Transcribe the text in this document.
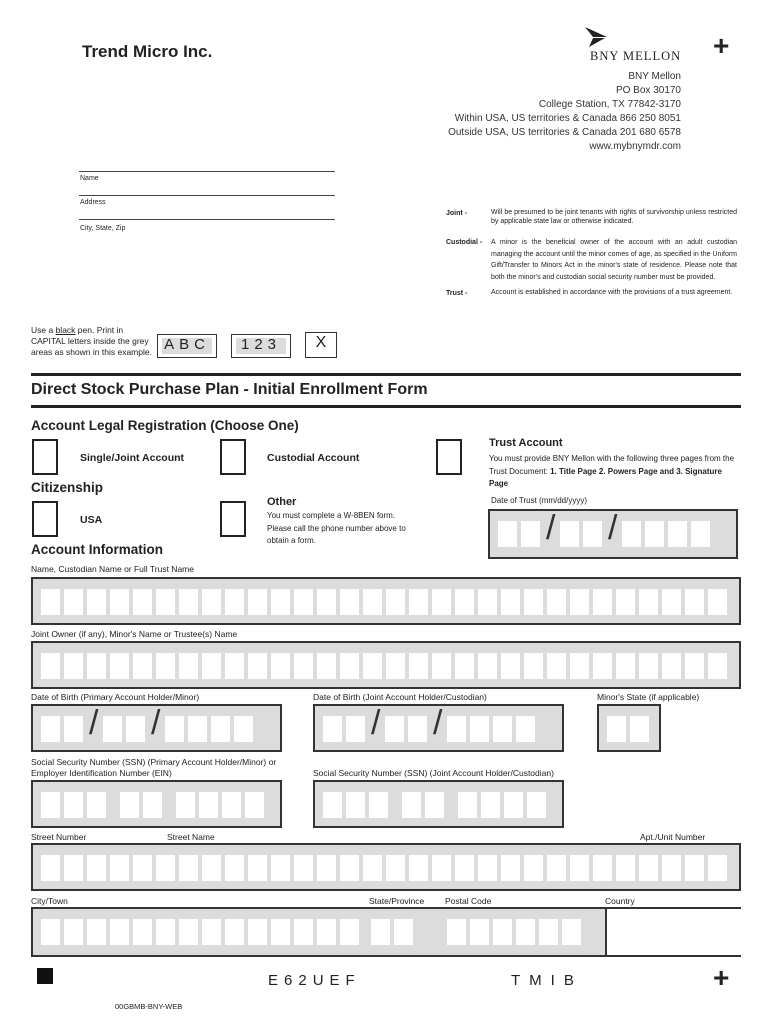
Trend Micro Inc.	BNY MELLON +
BNY Mellon
PO Box 30170
College Station, TX 77842-3170
Within USA, US territories & Canada 866 250 8051
Outside USA, US territories & Canada 201 680 6578
www.mybnymdr.com
Name
Address
City, State, Zip
Joint -	Will be presumed to be joint tenants with rights of survivorship unless restricted by applicable state law or otherwise indicated.
Custodial - A minor is the beneficial owner of the account with an adult custodian managing the account until the minor comes of age, as specified in the Uniform Gift/Transfer to Minors Act in the minor's state of residence. Please note that both the minor's and custodian social security number must be provided.
Trust -	Account is established in accordance with the provisions of a trust agreement.
Use a black pen. Print in CAPITAL letters inside the grey areas as shown in this example. ABC	123	X
Direct Stock Purchase Plan - Initial Enrollment Form
Account Legal Registration (Choose One)
Single/Joint Account	Custodial Account
Trust Account
You must provide BNY Mellon with the following three pages from the Trust Document: 1. Title Page 2. Powers Page and 3. Signature Page
Date of Trust (mm/dd/yyyy)
/ /
Citizenship
USA
Other
You must complete a W-8BEN form. Please call the phone number above to obtain a form.
Account Information
Name, Custodian Name or Full Trust Name
Joint Owner (if any), Minor's Name or Trustee(s) Name
Date of Birth (Primary Account Holder/Minor)
/ /
Date of Birth (Joint Account Holder/Custodian)
/ /
Minor's State (if applicable)
Social Security Number (SSN) (Primary Account Holder/Minor) or Employer Identification Number (EIN)	Social Security Number (SSN) (Joint Account Holder/Custodian)
Street Number	Street Name	Apt./Unit Number
City/Town	State/Province Postal Code	Country
E62UEF	TMIB	+
00GBMB-BNY-WEB
